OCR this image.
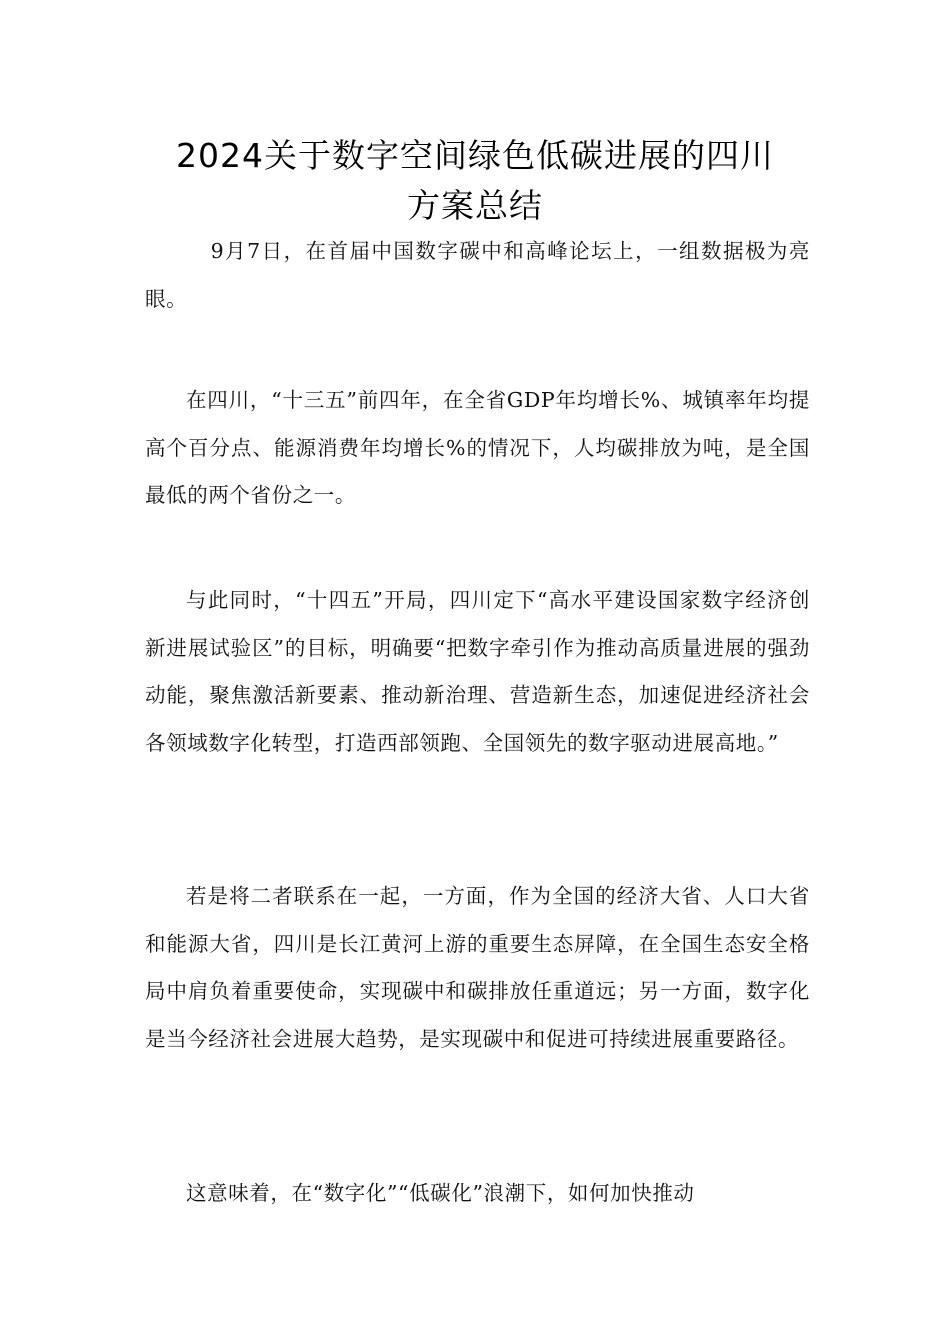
2024关于数字空间绿色低碳进展的四川
方案总结

9月7日，在首届中国数字碳中和高峰论坛上，一组数据极为亮眼。

在四川，“十三五”前四年，在全省GDP年均增长%、城镇率年均提高个百分点、能源消费年均增长%的情况下，人均碳排放为吨，是全国最低的两个省份之一。

与此同时，“十四五”开局，四川定下“高水平建设国家数字经济创新进展试验区”的目标，明确要“把数字牵引作为推动高质量进展的强劲动能，聚焦激活新要素、推动新治理、营造新生态，加速促进经济社会各领域数字化转型，打造西部领跑、全国领先的数字驱动进展高地。”

若是将二者联系在一起，一方面，作为全国的经济大省、人口大省和能源大省，四川是长江黄河上游的重要生态屏障，在全国生态安全格局中肩负着重要使命，实现碳中和碳排放任重道远；另一方面，数字化是当今经济社会进展大趋势，是实现碳中和促进可持续进展重要路径。

这意味着，在“数字化”“低碳化”浪潮下，如何加快推动
